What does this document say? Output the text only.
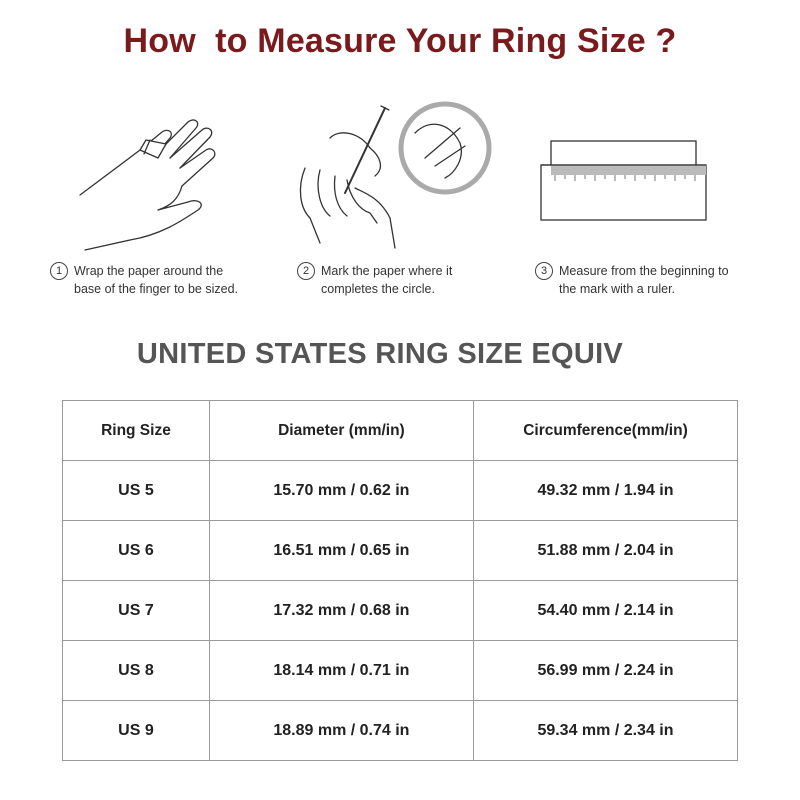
How  to Measure Your Ring Size ?
1 Wrap the paper around the
base of the finger to be sized.
2 Mark the paper where it
completes the circle.
3 Measure from the beginning to
the mark with a ruler.
UNITED STATES RING SIZE EQUIV
Ring Size	Diameter (mm/in)	Circumference(mm/in)
US 5	15.70 mm / 0.62 in	49.32 mm / 1.94 in
US 6	16.51 mm / 0.65 in	51.88 mm / 2.04 in
US 7	17.32 mm / 0.68 in	54.40 mm / 2.14 in
US 8	18.14 mm / 0.71 in	56.99 mm / 2.24 in
US 9	18.89 mm / 0.74 in	59.34 mm / 2.34 in
